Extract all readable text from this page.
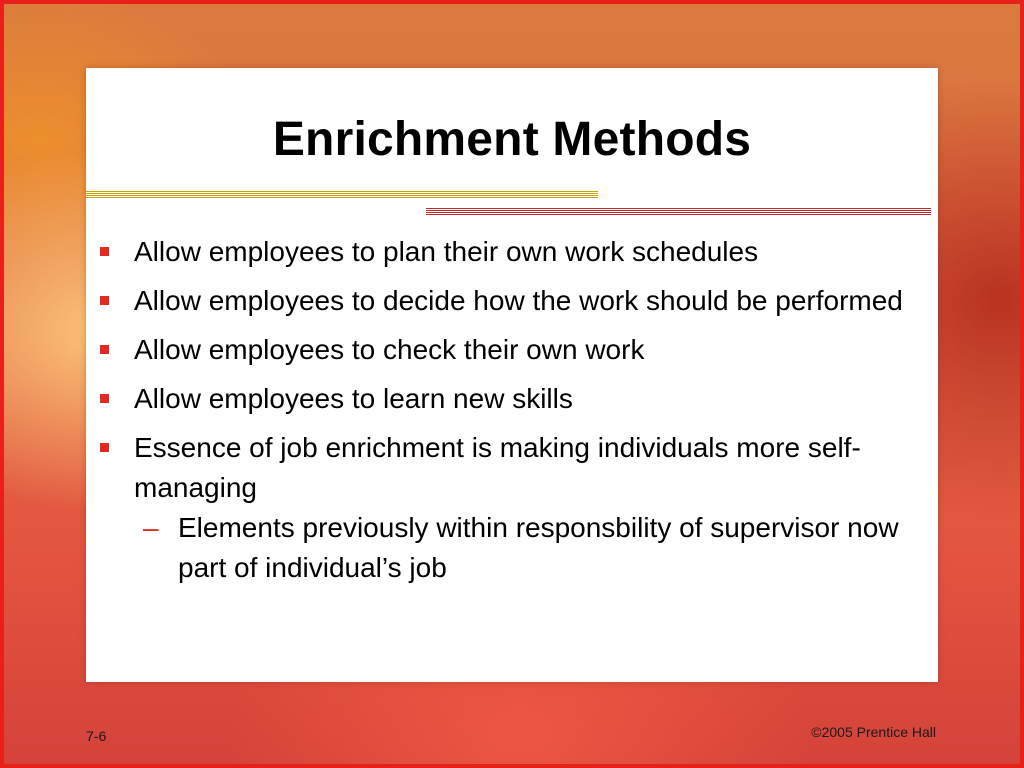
Enrichment Methods
Allow employees to plan their own work schedules
Allow employees to decide how the work should be performed
Allow employees to check their own work
Allow employees to learn new skills
Essence of job enrichment is making individuals more self-managing
– Elements previously within responsbility of supervisor now part of individual’s job
7-6	©2005 Prentice Hall
